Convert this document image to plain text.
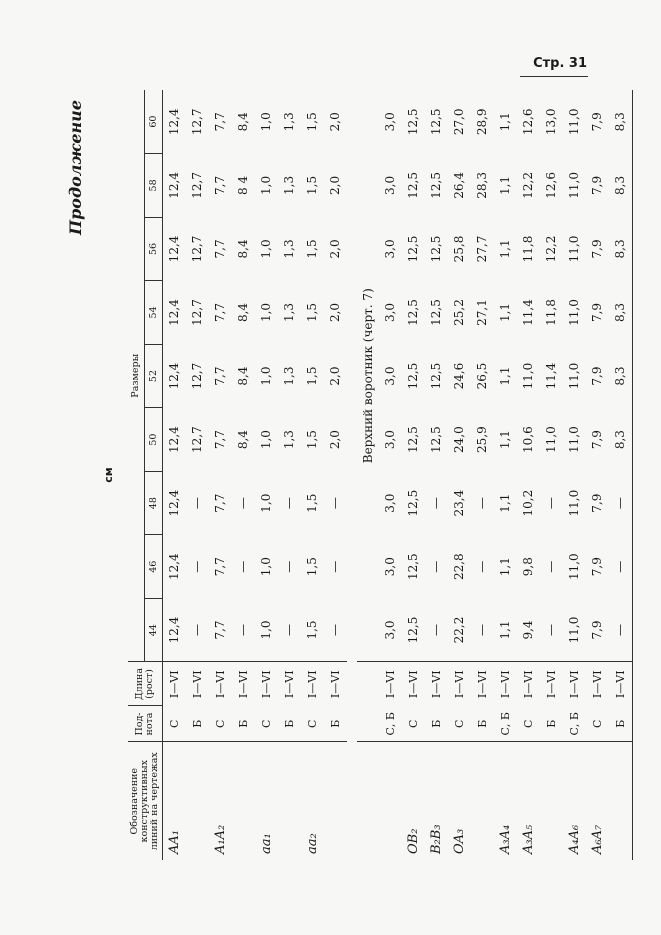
Стр. 31
Продолжение
см
Обозначение конструктивных линий на чертежах	Под-нота	Длина (рост)	Размеры								
			44	46	48	50	52	54	56	58	60
AA₁	С	I—VI	12,4	12,4	12,4	12,4	12,4	12,4	12,4	12,4	12,4
	Б	I—VI	—	—	—	12,7	12,7	12,7	12,7	12,7	12,7
A₁A₂	С	I—VI	7,7	7,7	7,7	7,7	7,7	7,7	7,7	7,7	7,7
	Б	I—VI	—	—	—	8,4	8,4	8,4	8,4	8 4	8,4
aa₁	С	I—VI	1,0	1,0	1,0	1,0	1,0	1,0	1,0	1,0	1,0
	Б	I—VI	—	—	—	1,3	1,3	1,3	1,3	1,3	1,3
aa₂	С	I—VI	1,5	1,5	1,5	1,5	1,5	1,5	1,5	1,5	1,5
	Б	I—VI	—	—	—	2,0	2,0	2,0	2,0	2,0	2,0

			Верхний воротник (черт. 7)								
	С, Б	I—VI	3,0	3,0	3,0	3,0	3,0	3,0	3,0	3,0	3,0
OB₂	С	I—VI	12,5	12,5	12,5	12,5	12,5	12,5	12,5	12,5	12,5
B₂B₃	Б	I—VI	—	—	—	12,5	12,5	12,5	12,5	12,5	12,5
OA₃	С	I—VI	22,2	22,8	23,4	24,0	24,6	25,2	25,8	26,4	27,0
	Б	I—VI	—	—	—	25,9	26,5	27,1	27,7	28,3	28,9
A₃A₄	С, Б	I—VI	1,1	1,1	1,1	1,1	1,1	1,1	1,1	1,1	1,1
A₃A₅	С	I—VI	9,4	9,8	10,2	10,6	11,0	11,4	11,8	12,2	12,6
	Б	I—VI	—	—	—	11,0	11,4	11,8	12,2	12,6	13,0
A₄A₆	С, Б	I—VI	11,0	11,0	11,0	11,0	11,0	11,0	11,0	11,0	11,0
A₆A₇	С	I—VI	7,9	7,9	7,9	7,9	7,9	7,9	7,9	7,9	7,9
	Б	I—VI	—	—	—	8,3	8,3	8,3	8,3	8,3	8,3
